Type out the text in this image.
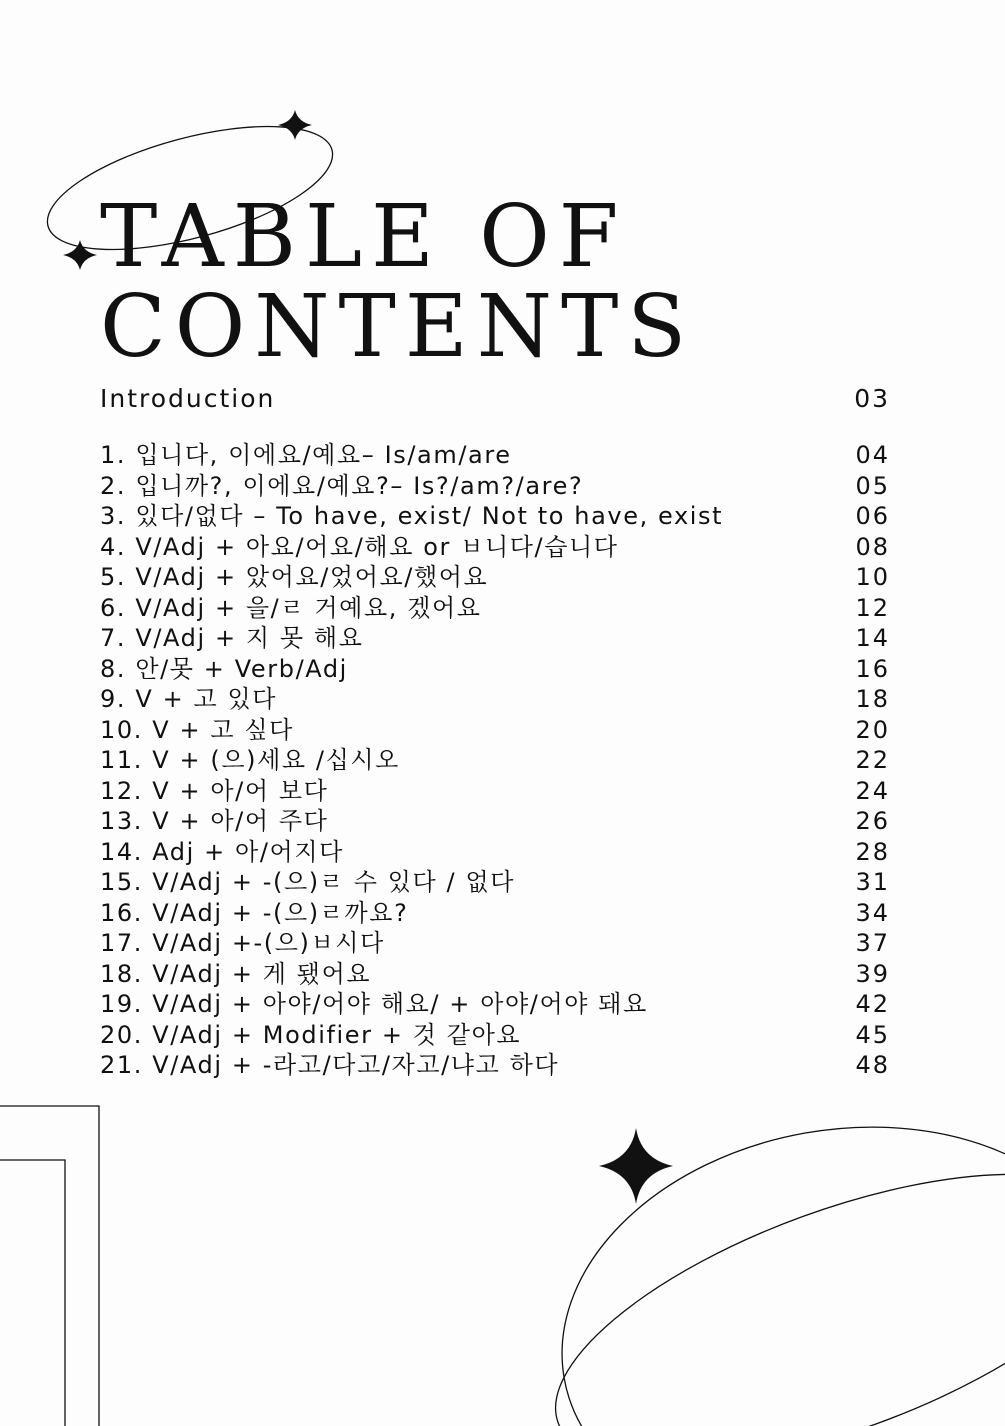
TABLE OF
CONTENTS
Introduction	03
1. 입니다, 이에요/예요– Is/am/are	04
2. 입니까?, 이에요/예요?– Is?/am?/are?	05
3. 있다/없다 – To have, exist/ Not to have, exist	06
4. V/Adj + 아요/어요/해요 or ㅂ니다/습니다	08
5. V/Adj + 았어요/었어요/했어요	10
6. V/Adj + 을/ㄹ 거예요, 겠어요	12
7. V/Adj + 지 못 해요	14
8. 안/못 + Verb/Adj	16
9. V + 고 있다	18
10. V + 고 싶다	20
11. V + (으)세요 /십시오	22
12. V + 아/어 보다	24
13. V + 아/어 주다	26
14. Adj + 아/어지다	28
15. V/Adj + -(으)ㄹ 수 있다 / 없다	31
16. V/Adj + -(으)ㄹ까요?	34
17. V/Adj +-(으)ㅂ시다	37
18. V/Adj + 게 됐어요	39
19. V/Adj + 아야/어야 해요/ + 아야/어야 돼요	42
20. V/Adj + Modifier + 것 같아요	45
21. V/Adj + -라고/다고/자고/냐고 하다	48
